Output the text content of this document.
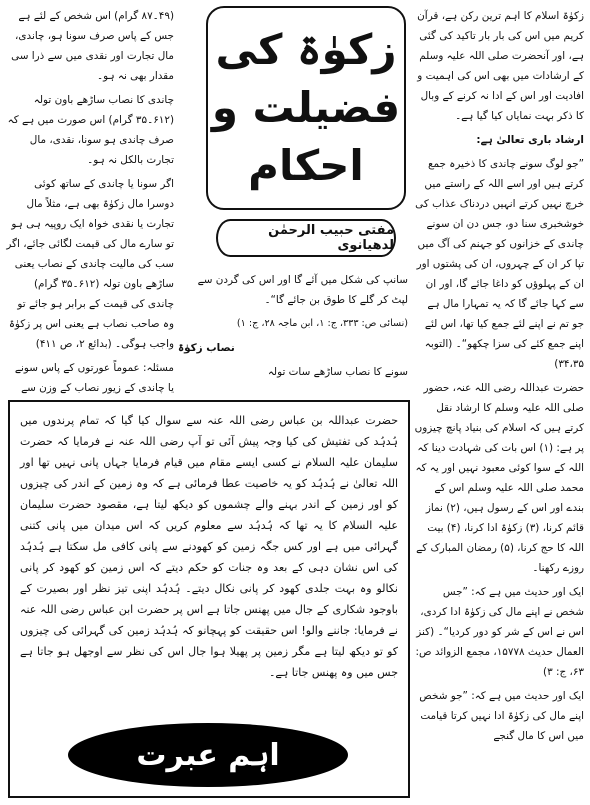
زکوٰۃ اسلام کا اہم ترین رکن ہے، قرآن کریم میں اس کی بار بار تاکید کی گئی ہے، اور آنحضرت صلی اللہ علیہ وسلم کے ارشادات میں بھی اس کی اہمیت و افادیت اور اس کے ادا نہ کرنے کے وبال کا ذکر بہت نمایاں کیا گیا ہے۔

ارشاد باری تعالیٰ ہے:

”جو لوگ سونے چاندی کا ذخیرہ جمع کرتے ہیں اور اسے اللہ کے راستے میں خرچ نہیں کرتے انہیں دردناک عذاب کی خوشخبری سنا دو، جس دن ان سونے چاندی کے خزانوں کو جہنم کی آگ میں تپا کر ان کے چہروں، ان کی پشتوں اور ان کے پہلوؤں کو داغا جائے گا، اور ان سے کہا جائے گا کہ یہ تمہارا مال ہے جو تم نے اپنے لئے جمع کیا تھا، اس لئے اپنے جمع کئے کی سزا چکھو“۔ (التوبہ ۳۴،۳۵)

حضرت عبداللہ رضی اللہ عنہ، حضور صلی اللہ علیہ وسلم کا ارشاد نقل کرتے ہیں کہ اسلام کی بنیاد پانچ چیزوں پر ہے: (۱) اس بات کی شہادت دینا کہ اللہ کے سوا کوئی معبود نہیں اور یہ کہ محمد صلی اللہ علیہ وسلم اس کے بندے اور اس کے رسول ہیں، (۲) نماز قائم کرنا، (۳) زکوٰۃ ادا کرنا، (۴) بیت اللہ کا حج کرنا، (۵) رمضان المبارک کے روزے رکھنا۔

ایک اور حدیث میں ہے کہ: ”جس شخص نے اپنے مال کی زکوٰۃ ادا کردی، اس نے اس کے شر کو دور کردیا“۔ (کنز العمال حدیث ۱۵۷۷۸، مجمع الزوائد ص: ۶۳، ج: ۳)

ایک اور حدیث میں ہے کہ: ”جو شخص اپنے مال کی زکوٰۃ ادا نہیں کرتا قیامت میں اس کا مال گنجے

زکوٰۃ کی
فضیلت و
احکام
مفتی حبیب الرحمٰن لدھیانوی

سانپ کی شکل میں آئے گا اور اس کی گردن سے لپٹ کر گلے کا طوق بن جائے گا“۔

(نسائی ص: ۳۳۳، ج: ۱، ابن ماجہ ۲۸، ج: ۱)

نصاب زکوٰۃ

سونے کا نصاب ساڑھے سات تولہ

(۴۹۔۸۷ گرام) اس شخص کے لئے ہے جس کے پاس صرف سونا ہو، چاندی، مال تجارت اور نقدی میں سے ذرا سی مقدار بھی نہ ہو۔

چاندی کا نصاب ساڑھے باون تولہ (۶۱۲۔۳۵ گرام) اس صورت میں ہے کہ صرف چاندی ہو سونا، نقدی، مال تجارت بالکل نہ ہو۔

اگر سونا یا چاندی کے ساتھ کوئی دوسرا مال زکوٰۃ بھی ہے، مثلاً مال تجارت یا نقدی خواہ ایک روپیہ ہی ہو تو سارے مال کی قیمت لگائی جائے، اگر سب کی مالیت چاندی کے نصاب یعنی ساڑھے باون تولہ (۶۱۲۔۳۵ گرام) چاندی کی قیمت کے برابر ہو جائے تو وہ صاحب نصاب ہے یعنی اس پر زکوٰۃ واجب ہوگی۔ (بدائع ۲، ص ۴۱۱)

مسئلہ: عموماً عورتوں کے پاس سونے یا چاندی کے زیور نصاب کے وزن سے

حضرت عبداللہ بن عباس رضی اللہ عنہ سے سوال کیا گیا کہ تمام پرندوں میں ہُدہُد کی تفتیش کی کیا وجہ پیش آئی تو آپ رضی اللہ عنہ نے فرمایا کہ حضرت سلیمان علیہ السلام نے کسی ایسے مقام میں قیام فرمایا جہاں پانی نہیں تھا اور اللہ تعالیٰ نے ہُدہُد کو یہ خاصیت عطا فرمائی ہے کہ وہ زمین کے اندر کی چیزوں کو اور زمین کے اندر بہنے والے چشموں کو دیکھ لیتا ہے، مقصود حضرت سلیمان علیہ السلام کا یہ تھا کہ ہُدہُد سے معلوم کریں کہ اس میدان میں پانی کتنی گہرائی میں ہے اور کس جگہ زمین کو کھودنے سے پانی کافی مل سکتا ہے ہُدہُد کی اس نشان دہی کے بعد وہ جنات کو حکم دیتے کہ اس زمین کو کھود کر پانی نکالو وہ بہت جلدی کھود کر پانی نکال دیتے۔ ہُدہُد اپنی تیز نظر اور بصیرت کے باوجود شکاری کے جال میں پھنس جاتا ہے اس پر حضرت ابن عباس رضی اللہ عنہ نے فرمایا: جاننے والو! اس حقیقت کو پہچانو کہ ہُدہُد زمین کی گہرائی کی چیزوں کو تو دیکھ لیتا ہے مگر زمین پر پھیلا ہوا جال اس کی نظر سے اوجھل ہو جاتا ہے جس میں وہ پھنس جاتا ہے۔
اہم عبرت
